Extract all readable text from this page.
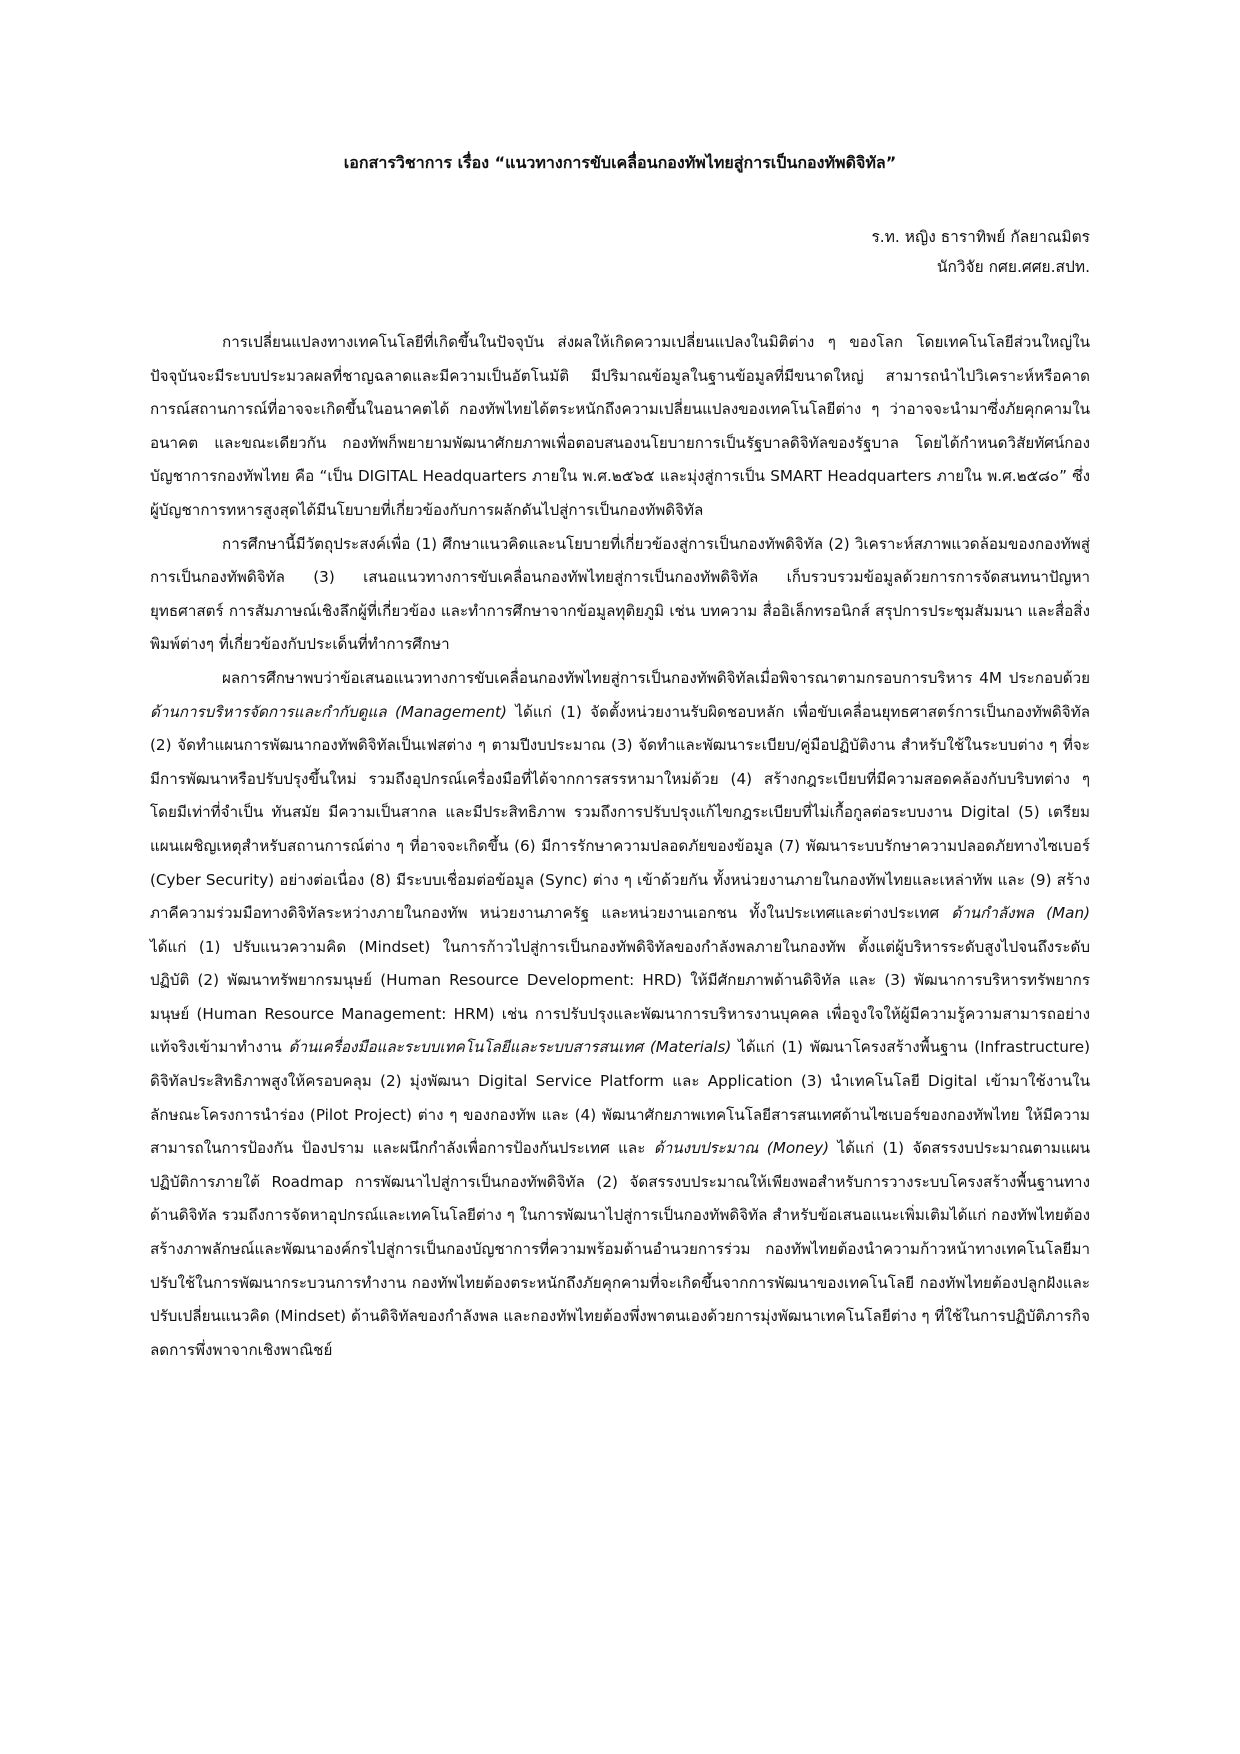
เอกสารวิชาการ เรื่อง “แนวทางการขับเคลื่อนกองทัพไทยสู่การเป็นกองทัพดิจิทัล”
ร.ท. หญิง ธาราทิพย์ กัลยาณมิตร
นักวิจัย กศย.ศศย.สปท.

การเปลี่ยนแปลงทางเทคโนโลยีที่เกิดขึ้นในปัจจุบัน ส่งผลให้เกิดความเปลี่ยนแปลงในมิติต่าง ๆ ของโลก โดยเทคโนโลยีส่วนใหญ่ในปัจจุบันจะมีระบบประมวลผลที่ชาญฉลาดและมีความเป็นอัตโนมัติ มีปริมาณข้อมูลในฐานข้อมูลที่มีขนาดใหญ่ สามารถนำไปวิเคราะห์หรือคาดการณ์สถานการณ์ที่อาจจะเกิดขึ้นในอนาคตได้ กองทัพไทยได้ตระหนักถึงความเปลี่ยนแปลงของเทคโนโลยีต่าง ๆ ว่าอาจจะนำมาซึ่งภัยคุกคามในอนาคต และขณะเดียวกัน กองทัพก็พยายามพัฒนาศักยภาพเพื่อตอบสนองนโยบายการเป็นรัฐบาลดิจิทัลของรัฐบาล โดยได้กำหนดวิสัยทัศน์กองบัญชาการกองทัพไทย คือ “เป็น DIGITAL Headquarters ภายใน พ.ศ.๒๕๖๕ และมุ่งสู่การเป็น SMART Headquarters ภายใน พ.ศ.๒๕๘๐” ซึ่งผู้บัญชาการทหารสูงสุดได้มีนโยบายที่เกี่ยวข้องกับการผลักดันไปสู่การเป็นกองทัพดิจิทัล

การศึกษานี้มีวัตถุประสงค์เพื่อ (1) ศึกษาแนวคิดและนโยบายที่เกี่ยวข้องสู่การเป็นกองทัพดิจิทัล (2) วิเคราะห์สภาพแวดล้อมของกองทัพสู่การเป็นกองทัพดิจิทัล (3) เสนอแนวทางการขับเคลื่อนกองทัพไทยสู่การเป็นกองทัพดิจิทัล เก็บรวบรวมข้อมูลด้วยการการจัดสนทนาปัญหายุทธศาสตร์ การสัมภาษณ์เชิงลึกผู้ที่เกี่ยวข้อง และทำการศึกษาจากข้อมูลทุติยภูมิ เช่น บทความ สื่ออิเล็กทรอนิกส์ สรุปการประชุมสัมมนา และสื่อสิ่งพิมพ์ต่างๆ ที่เกี่ยวข้องกับประเด็นที่ทำการศึกษา

ผลการศึกษาพบว่าข้อเสนอแนวทางการขับเคลื่อนกองทัพไทยสู่การเป็นกองทัพดิจิทัลเมื่อพิจารณาตามกรอบการบริหาร 4M ประกอบด้วย ด้านการบริหารจัดการและกำกับดูแล (Management) ได้แก่ (1) จัดตั้งหน่วยงานรับผิดชอบหลัก เพื่อขับเคลื่อนยุทธศาสตร์การเป็นกองทัพดิจิทัล (2) จัดทำแผนการพัฒนากองทัพดิจิทัลเป็นเฟสต่าง ๆ ตามปีงบประมาณ (3) จัดทำและพัฒนาระเบียบ/คู่มือปฏิบัติงาน สำหรับใช้ในระบบต่าง ๆ ที่จะมีการพัฒนาหรือปรับปรุงขึ้นใหม่ รวมถึงอุปกรณ์เครื่องมือที่ได้จากการสรรหามาใหม่ด้วย (4) สร้างกฎระเบียบที่มีความสอดคล้องกับบริบทต่าง ๆ โดยมีเท่าที่จำเป็น ทันสมัย มีความเป็นสากล และมีประสิทธิภาพ รวมถึงการปรับปรุงแก้ไขกฎระเบียบที่ไม่เกื้อกูลต่อระบบงาน Digital (5) เตรียมแผนเผชิญเหตุสำหรับสถานการณ์ต่าง ๆ ที่อาจจะเกิดขึ้น (6) มีการรักษาความปลอดภัยของข้อมูล (7) พัฒนาระบบรักษาความปลอดภัยทางไซเบอร์ (Cyber Security) อย่างต่อเนื่อง (8) มีระบบเชื่อมต่อข้อมูล (Sync) ต่าง ๆ เข้าด้วยกัน ทั้งหน่วยงานภายในกองทัพไทยและเหล่าทัพ และ (9) สร้างภาคีความร่วมมือทางดิจิทัลระหว่างภายในกองทัพ หน่วยงานภาครัฐ และหน่วยงานเอกชน ทั้งในประเทศและต่างประเทศ ด้านกำลังพล (Man) ได้แก่ (1) ปรับแนวความคิด (Mindset) ในการก้าวไปสู่การเป็นกองทัพดิจิทัลของกำลังพลภายในกองทัพ ตั้งแต่ผู้บริหารระดับสูงไปจนถึงระดับปฏิบัติ (2) พัฒนาทรัพยากรมนุษย์ (Human Resource Development: HRD) ให้มีศักยภาพด้านดิจิทัล และ (3) พัฒนาการบริหารทรัพยากรมนุษย์ (Human Resource Management: HRM) เช่น การปรับปรุงและพัฒนาการบริหารงานบุคคล เพื่อจูงใจให้ผู้มีความรู้ความสามารถอย่างแท้จริงเข้ามาทำงาน ด้านเครื่องมือและระบบเทคโนโลยีและระบบสารสนเทศ (Materials) ได้แก่ (1) พัฒนาโครงสร้างพื้นฐาน (Infrastructure) ดิจิทัลประสิทธิภาพสูงให้ครอบคลุม (2) มุ่งพัฒนา Digital Service Platform และ Application (3) นำเทคโนโลยี Digital เข้ามาใช้งานในลักษณะโครงการนำร่อง (Pilot Project) ต่าง ๆ ของกองทัพ และ (4) พัฒนาศักยภาพเทคโนโลยีสารสนเทศด้านไซเบอร์ของกองทัพไทย ให้มีความสามารถในการป้องกัน ป้องปราม และผนึกกำลังเพื่อการป้องกันประเทศ และ ด้านงบประมาณ (Money) ได้แก่ (1) จัดสรรงบประมาณตามแผนปฏิบัติการภายใต้ Roadmap การพัฒนาไปสู่การเป็นกองทัพดิจิทัล (2) จัดสรรงบประมาณให้เพียงพอสำหรับการวางระบบโครงสร้างพื้นฐานทางด้านดิจิทัล รวมถึงการจัดหาอุปกรณ์และเทคโนโลยีต่าง ๆ ในการพัฒนาไปสู่การเป็นกองทัพดิจิทัล สำหรับข้อเสนอแนะเพิ่มเติมได้แก่ กองทัพไทยต้องสร้างภาพลักษณ์และพัฒนาองค์กรไปสู่การเป็นกองบัญชาการที่ความพร้อมด้านอำนวยการร่วม กองทัพไทยต้องนำความก้าวหน้าทางเทคโนโลยีมาปรับใช้ในการพัฒนากระบวนการทำงาน กองทัพไทยต้องตระหนักถึงภัยคุกคามที่จะเกิดขึ้นจากการพัฒนาของเทคโนโลยี กองทัพไทยต้องปลูกฝังและปรับเปลี่ยนแนวคิด (Mindset) ด้านดิจิทัลของกำลังพล และกองทัพไทยต้องพึ่งพาตนเองด้วยการมุ่งพัฒนาเทคโนโลยีต่าง ๆ ที่ใช้ในการปฏิบัติภารกิจ ลดการพึ่งพาจากเชิงพาณิชย์
